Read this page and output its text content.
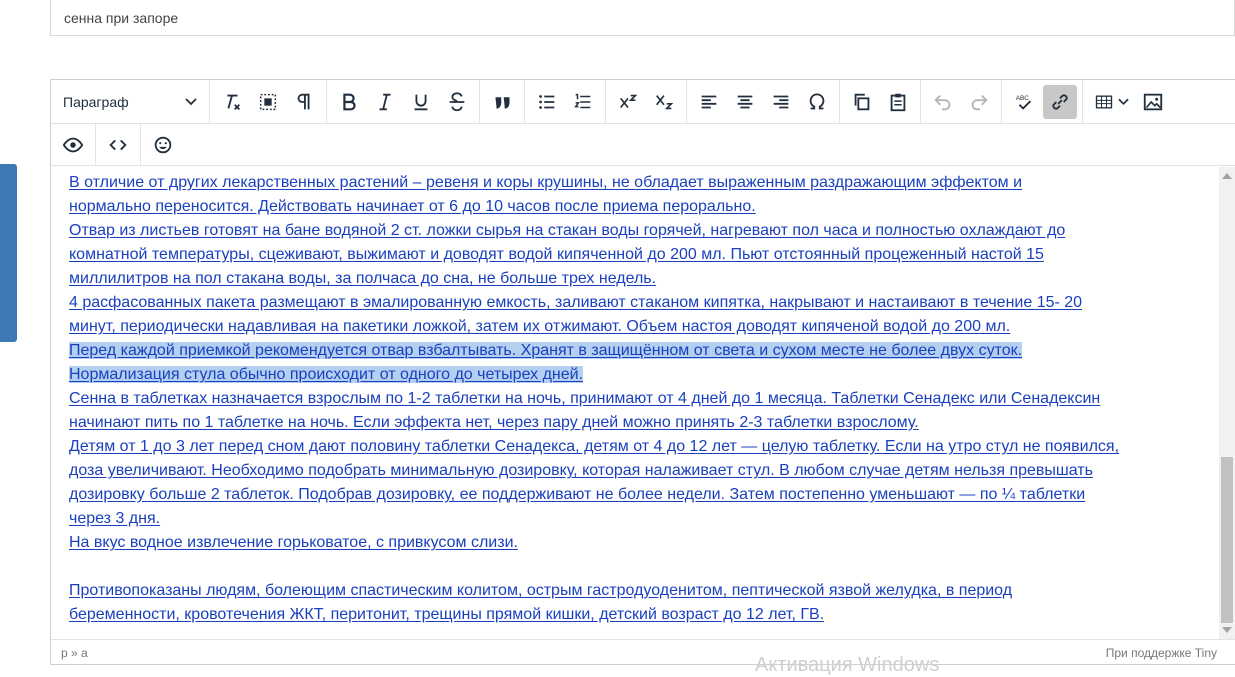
сенна при запоре
Параграф	ABC

В отличие от других лекарственных растений – ревеня и коры крушины, не обладает выраженным раздражающим эффектом и

нормально переносится. Действовать начинает от 6 до 10 часов после приема перорально.

Отвар из листьев готовят на бане водяной 2 ст. ложки сырья на стакан воды горячей, нагревают пол часа и полностью охлаждают до

комнатной температуры, сцеживают, выжимают и доводят водой кипяченной до 200 мл. Пьют отстоянный процеженный настой 15

миллилитров на пол стакана воды, за полчаса до сна, не больше трех недель.

4 расфасованных пакета размещают в эмалированную емкость, заливают стаканом кипятка, накрывают и настаивают в течение 15- 20

минут, периодически надавливая на пакетики ложкой, затем их отжимают. Объем настоя доводят кипяченой водой до 200 мл.

Перед каждой приемкой рекомендуется отвар взбалтывать. Хранят в защищённом от света и сухом месте не более двух суток.

Нормализация стула обычно происходит от одного до четырех дней.

Сенна в таблетках назначается взрослым по 1-2 таблетки на ночь, принимают от 4 дней до 1 месяца. Таблетки Сенадекс или Сенадексин

начинают пить по 1 таблетке на ночь. Если эффекта нет, через пару дней можно принять 2-3 таблетки взрослому.

Детям от 1 до 3 лет перед сном дают половину таблетки Сенадекса, детям от 4 до 12 лет — целую таблетку. Если на утро стул не появился,

доза увеличивают. Необходимо подобрать минимальную дозировку, которая налаживает стул. В любом случае детям нельзя превышать

дозировку больше 2 таблеток. Подобрав дозировку, ее поддерживают не более недели. Затем постепенно уменьшают — по ¼ таблетки

через 3 дня.

На вкус водное извлечение горьковатое, с привкусом слизи.

Противопоказаны людям, болеющим спастическим колитом, острым гастродуоденитом, пептической язвой желудка, в период

беременности, кровотечения ЖКТ, перитонит, трещины прямой кишки, детский возраст до 12 лет, ГВ.

p » a	При поддержке Tiny
Активация Windows
